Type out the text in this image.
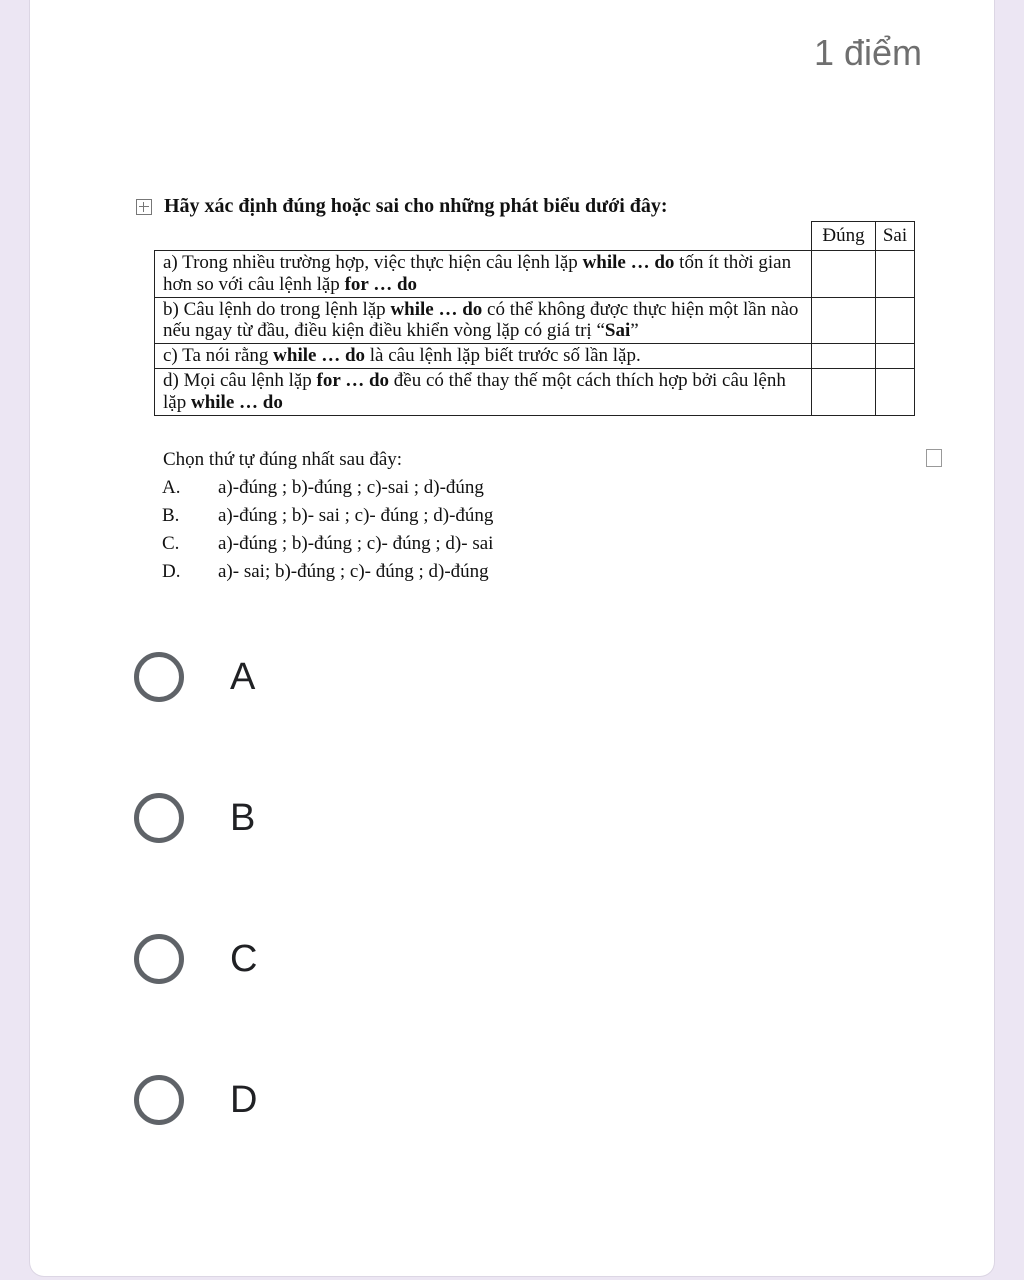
1 điểm
Hãy xác định đúng hoặc sai cho những phát biểu dưới đây:
	Đúng	Sai
a) Trong nhiều trường hợp, việc thực hiện câu lệnh lặp while … do tốn ít thời gian hơn so với câu lệnh lặp for … do		
b) Câu lệnh do trong lệnh lặp while … do có thể không được thực hiện một lần nào nếu ngay từ đầu, điều kiện điều khiển vòng lặp có giá trị “Sai”		
c) Ta nói rằng while … do là câu lệnh lặp biết trước số lần lặp.		
d) Mọi câu lệnh lặp for … do đều có thể thay thế một cách thích hợp bởi câu lệnh lặp while … do		
Chọn thứ tự đúng nhất sau đây:
A.	a)-đúng ; b)-đúng ; c)-sai ; d)-đúng
B.	a)-đúng ; b)- sai ; c)- đúng ; d)-đúng
C.	a)-đúng ; b)-đúng ; c)- đúng ; d)- sai
D.	a)- sai; b)-đúng ; c)- đúng ; d)-đúng
A
B
C
D
